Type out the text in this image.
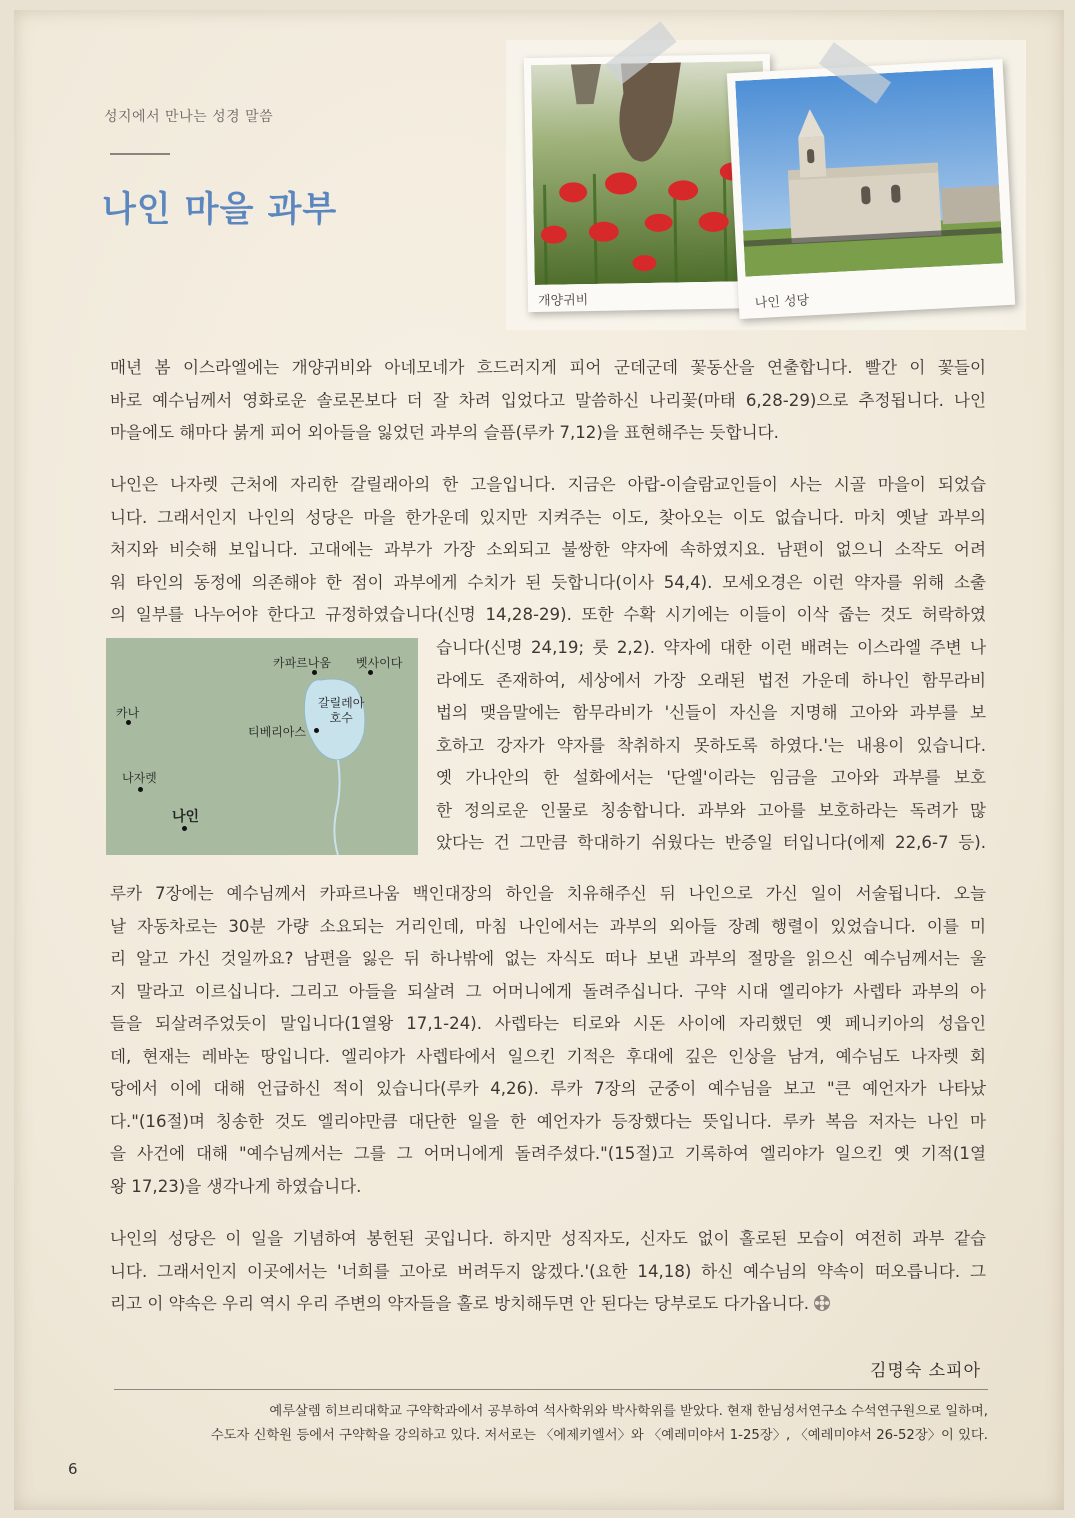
성지에서 만나는 성경 말씀
나인 마을 과부
개양귀비	나인 성당

매년 봄 이스라엘에는 개양귀비와 아네모네가 흐드러지게 피어 군데군데 꽃동산을 연출합니다. 빨간 이 꽃들이
바로 예수님께서 영화로운 솔로몬보다 더 잘 차려 입었다고 말씀하신 나리꽃(마태 6,28-29)으로 추정됩니다. 나인
마을에도 해마다 붉게 피어 외아들을 잃었던 과부의 슬픔(루카 7,12)을 표현해주는 듯합니다.

나인은 나자렛 근처에 자리한 갈릴래아의 한 고을입니다. 지금은 아랍-이슬람교인들이 사는 시골 마을이 되었습
니다. 그래서인지 나인의 성당은 마을 한가운데 있지만 지켜주는 이도, 찾아오는 이도 없습니다. 마치 옛날 과부의
처지와 비슷해 보입니다. 고대에는 과부가 가장 소외되고 불쌍한 약자에 속하였지요. 남편이 없으니 소작도 어려
워 타인의 동정에 의존해야 한 점이 과부에게 수치가 된 듯합니다(이사 54,4). 모세오경은 이런 약자를 위해 소출
의 일부를 나누어야 한다고 규정하였습니다(신명 14,28-29). 또한 수확 시기에는 이들이 이삭 줍는 것도 허락하였

카파르나움 벳사이다
갈릴레아
호수
카나
티베리아스
나자렛
나인

습니다(신명 24,19; 룻 2,2). 약자에 대한 이런 배려는 이스라엘 주변 나
라에도 존재하여, 세상에서 가장 오래된 법전 가운데 하나인 함무라비
법의 맺음말에는 함무라비가 '신들이 자신을 지명해 고아와 과부를 보
호하고 강자가 약자를 착취하지 못하도록 하였다.'는 내용이 있습니다.
옛 가나안의 한 설화에서는 '단엘'이라는 임금을 고아와 과부를 보호
한 정의로운 인물로 칭송합니다. 과부와 고아를 보호하라는 독려가 많
았다는 건 그만큼 학대하기 쉬웠다는 반증일 터입니다(에제 22,6-7 등).

루카 7장에는 예수님께서 카파르나움 백인대장의 하인을 치유해주신 뒤 나인으로 가신 일이 서술됩니다. 오늘
날 자동차로는 30분 가량 소요되는 거리인데, 마침 나인에서는 과부의 외아들 장례 행렬이 있었습니다. 이를 미
리 알고 가신 것일까요? 남편을 잃은 뒤 하나밖에 없는 자식도 떠나 보낸 과부의 절망을 읽으신 예수님께서는 울
지 말라고 이르십니다. 그리고 아들을 되살려 그 어머니에게 돌려주십니다. 구약 시대 엘리야가 사렙타 과부의 아
들을 되살려주었듯이 말입니다(1열왕 17,1-24). 사렙타는 티로와 시돈 사이에 자리했던 옛 페니키아의 성읍인
데, 현재는 레바논 땅입니다. 엘리야가 사렙타에서 일으킨 기적은 후대에 깊은 인상을 남겨, 예수님도 나자렛 회
당에서 이에 대해 언급하신 적이 있습니다(루카 4,26). 루카 7장의 군중이 예수님을 보고 "큰 예언자가 나타났
다."(16절)며 칭송한 것도 엘리야만큼 대단한 일을 한 예언자가 등장했다는 뜻입니다. 루카 복음 저자는 나인 마
을 사건에 대해 "예수님께서는 그를 그 어머니에게 돌려주셨다."(15절)고 기록하여 엘리야가 일으킨 옛 기적(1열
왕 17,23)을 생각나게 하였습니다.

나인의 성당은 이 일을 기념하여 봉헌된 곳입니다. 하지만 성직자도, 신자도 없이 홀로된 모습이 여전히 과부 같습
니다. 그래서인지 이곳에서는 '너희를 고아로 버려두지 않겠다.'(요한 14,18) 하신 예수님의 약속이 떠오릅니다. 그
리고 이 약속은 우리 역시 우리 주변의 약자들을 홀로 방치해두면 안 된다는 당부로도 다가옵니다.

김명숙 소피아
예루살렘 히브리대학교 구약학과에서 공부하여 석사학위와 박사학위를 받았다. 현재 한님성서연구소 수석연구원으로 일하며,
수도자 신학원 등에서 구약학을 강의하고 있다. 저서로는 〈에제키엘서〉와 〈예레미야서 1-25장〉, 〈예레미야서 26-52장〉이 있다.
6
